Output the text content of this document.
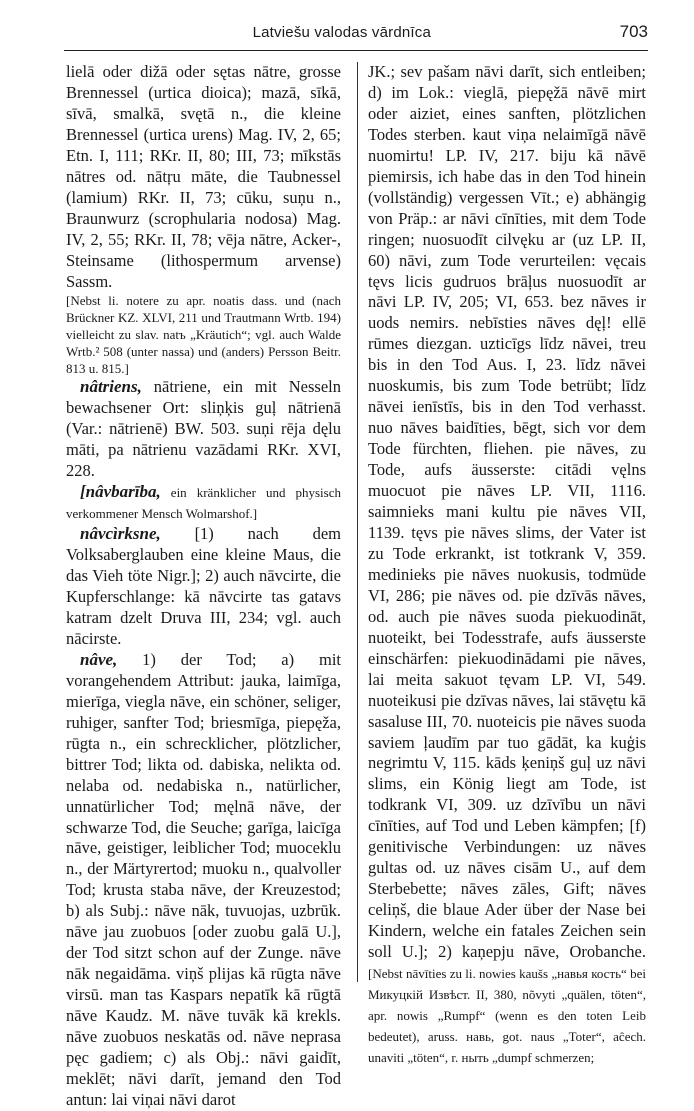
Latviešu valodas vārdnīca	703

lielā oder dižā oder sętas nātre, grosse Brennessel (urtica dioica); mazā, sīkā, sīvā, smalkā, svętā n., die kleine Brennessel (urtica urens) Mag. IV, 2, 65; Etn. I, 111; RKr. II, 80; III, 73; mīkstās nātres od. nātŗu māte, die Taubnessel (lamium) RKr. II, 73; cūku, suņu n., Braunwurz (scrophularia nodosa) Mag. IV, 2, 55; RKr. II, 78; vēja nātre, Acker-, Steinsame (lithospermum arvense) Sassm.

[Nebst li. notere zu apr. noatis dass. und (nach Brückner KZ. XLVI, 211 und Trautmann Wrtb. 194) vielleicht zu slav. natъ „Kräutich“; vgl. auch Walde Wrtb.² 508 (unter nassa) und (anders) Persson Beitr. 813 u. 815.]

nâtriens, nātriene, ein mit Nesseln bewachsener Ort: sliņķis guļ nātrienā (Var.: nātrienē) BW. 503. suņi rēja dęlu māti, pa nātrienu vazādami RKr. XVI, 228.

[nâvbarība, ein kränklicher und physisch verkommener Mensch Wolmarshof.]

nâvcìrksne, [1) nach dem Volksaberglauben eine kleine Maus, die das Vieh töte Nigr.]; 2) auch nāvcirte, die Kupferschlange: kā nāvcirte tas gatavs katram dzelt Druva III, 234; vgl. auch nācirste.

nâve, 1) der Tod; a) mit vorangehendem Attribut: jauka, laimīga, mierīga, viegla nāve, ein schöner, seliger, ruhiger, sanfter Tod; briesmīga, piepęža, rūgta n., ein schrecklicher, plötzlicher, bittrer Tod; likta od. dabiska, nelikta od. nelaba od. nedabiska n., natürlicher, unnatürlicher Tod; męlnā nāve, der schwarze Tod, die Seuche; garīga, laicīga nāve, geistiger, leiblicher Tod; muoceklu n., der Märtyrertod; muoku n., qualvoller Tod; krusta staba nāve, der Kreuzestod; b) als Subj.: nāve nāk, tuvuojas, uzbrūk. nāve jau zuobuos [oder zuobu galā U.], der Tod sitzt schon auf der Zunge. nāve nāk negaidāma. viņš plijas kā rūgta nāve virsū. man tas Kaspars nepatīk kā rūgtā nāve Kaudz. M. nāve tuvāk kā krekls. nāve zuobuos neskatās od. nāve neprasa pęc gadiem; c) als Obj.: nāvi gaidīt, meklēt; nāvi darīt, jemand den Tod antun: lai viņai nāvi darot

JK.; sev pašam nāvi darīt, sich entleiben; d) im Lok.: vieglā, piepęžā nāvē mirt oder aiziet, eines sanften, plötzlichen Todes sterben. kaut viņa nelaimīgā nāvē nuomirtu! LP. IV, 217. biju kā nāvē piemirsis, ich habe das in den Tod hinein (vollständig) vergessen Vīt.; e) abhängig von Präp.: ar nāvi cīnīties, mit dem Tode ringen; nuosuodīt cilvęku ar (uz LP. II, 60) nāvi, zum Tode verurteilen: vęcais tęvs licis gudruos brāļus nuosuodīt ar nāvi LP. IV, 205; VI, 653. bez nāves ir uods nemirs. nebīsties nāves dęļ! ellē rūmes diezgan. uzticīgs līdz nāvei, treu bis in den Tod Aus. I, 23. līdz nāvei nuoskumis, bis zum Tode betrübt; līdz nāvei ienīstīs, bis in den Tod verhasst. nuo nāves baidīties, bēgt, sich vor dem Tode fürchten, fliehen. pie nāves, zu Tode, aufs äusserste: citādi vęlns muocuot pie nāves LP. VII, 1116. saimnieks mani kultu pie nāves VII, 1139. tęvs pie nāves slims, der Vater ist zu Tode erkrankt, ist totkrank V, 359. medinieks pie nāves nuokusis, todmüde VI, 286; pie nāves od. pie dzīvās nāves, od. auch pie nāves suoda piekuodināt, nuoteikt, bei Todesstrafe, aufs äusserste einschärfen: piekuodinādami pie nāves, lai meita sakuot tęvam LP. VI, 549. nuoteikusi pie dzīvas nāves, lai stāvętu kā sasaluse III, 70. nuoteicis pie nāves suoda saviem ļaudīm par tuo gādāt, ka kuģis negrimtu V, 115. kāds ķeniņš guļ uz nāvi slims, ein König liegt am Tode, ist todkrank VI, 309. uz dzīvību un nāvi cīnīties, auf Tod und Leben kämpfen; [f) genitivische Verbindungen: uz nāves gultas od. uz nāves cisām U., auf dem Sterbebette; nāves zāles, Gift; nāves celiņš, die blaue Ader über der Nase bei Kindern, welche ein fatales Zeichen sein soll U.]; 2) kaņepju nāve, Orobanche. [Nebst nāvīties zu li. nowies kaušs „навья кость“ bei Микуцкій Извѣст. II, 380, nõvyti „quälen, töten“, apr. nowis „Rumpf“ (wenn es den toten Leib bedeutet), aruss. навь, got. naus „Toter“, aĉech. unaviti „töten“, r. ныть „dumpf schmerzen;
